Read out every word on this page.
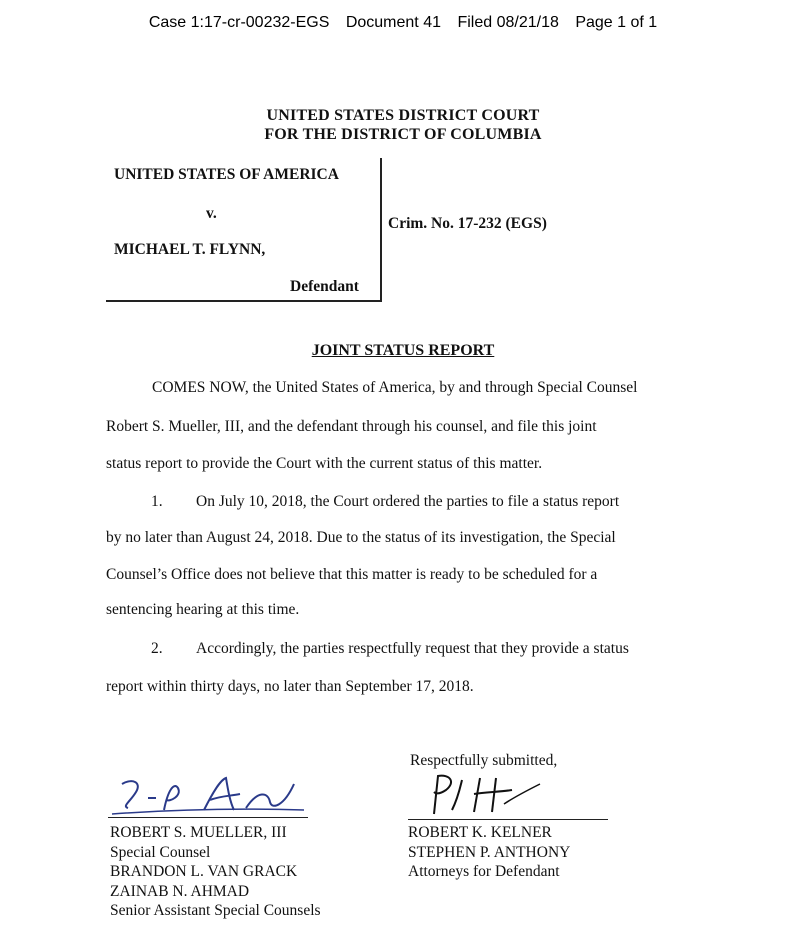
Case 1:17-cr-00232-EGS Document 41 Filed 08/21/18 Page 1 of 1
UNITED STATES DISTRICT COURT
FOR THE DISTRICT OF COLUMBIA
UNITED STATES OF AMERICA
v.
MICHAEL T. FLYNN,
Defendant
Crim. No. 17-232 (EGS)
JOINT STATUS REPORT
COMES NOW, the United States of America, by and through Special Counsel
Robert S. Mueller, III, and the defendant through his counsel, and file this joint
status report to provide the Court with the current status of this matter.
1.	On July 10, 2018, the Court ordered the parties to file a status report
by no later than August 24, 2018. Due to the status of its investigation, the Special
Counsel’s Office does not believe that this matter is ready to be scheduled for a
sentencing hearing at this time.
2.	Accordingly, the parties respectfully request that they provide a status
report within thirty days, no later than September 17, 2018.
Respectfully submitted,
ROBERT S. MUELLER, III
Special Counsel
BRANDON L. VAN GRACK
ZAINAB N. AHMAD
Senior Assistant Special Counsels
ROBERT K. KELNER
STEPHEN P. ANTHONY
Attorneys for Defendant
